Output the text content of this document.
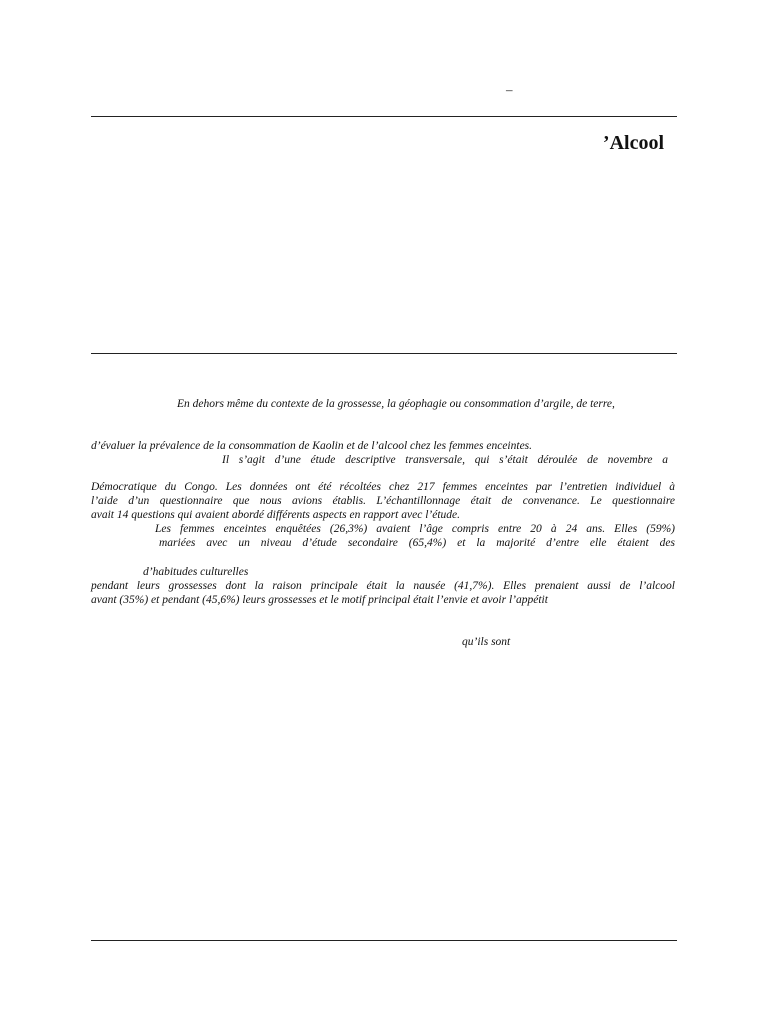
–
’Alcool
En dehors même du contexte de la grossesse, la géophagie ou consommation d’argile, de terre,
d’évaluer la prévalence de la consommation de Kaolin et de l’alcool chez les femmes enceintes.
Il s’agit d’une étude descriptive transversale, qui s’était déroulée de novembre a
Démocratique du Congo. Les données ont été récoltées chez 217 femmes enceintes par l’entretien individuel à
l’aide d’un questionnaire que nous avions établis. L’échantillonnage était de convenance. Le questionnaire
avait 14 questions qui avaient abordé différents aspects en rapport avec l’étude.
Les femmes enceintes enquêtées (26,3%) avaient l’âge compris entre 20 à 24 ans. Elles (59%)
mariées avec un niveau d’étude secondaire (65,4%) et la majorité d’entre elle étaient des
d’habitudes culturelles
pendant leurs grossesses dont la raison principale était la nausée (41,7%). Elles prenaient aussi de l’alcool
avant (35%) et pendant (45,6%) leurs grossesses et le motif principal était l’envie et avoir l’appétit
qu’ils sont
